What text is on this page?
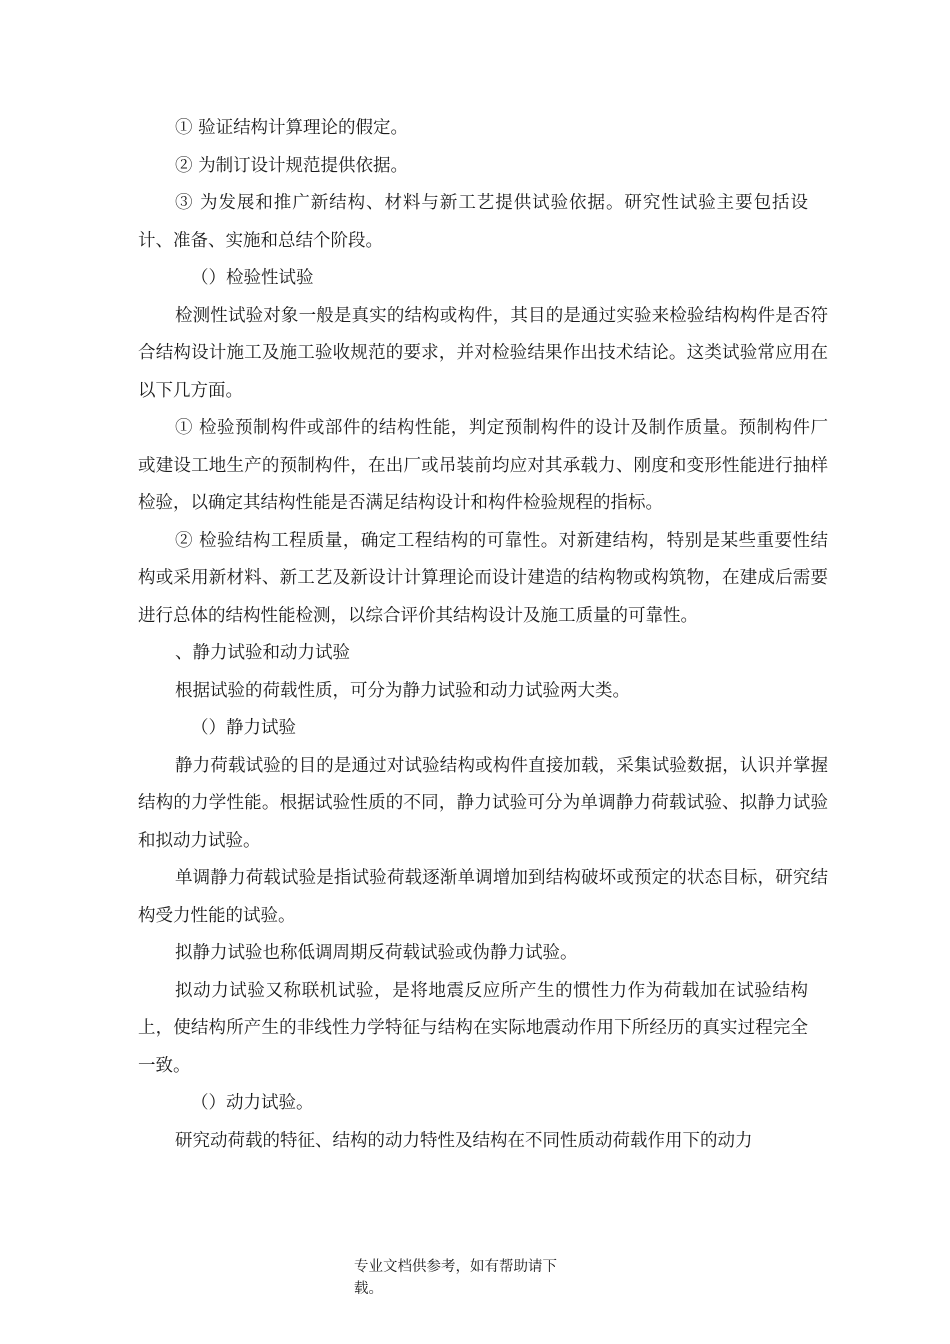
① 验证结构计算理论的假定。

② 为制订设计规范提供依据。

③ 为发展和推广新结构、材料与新工艺提供试验依据。研究性试验主要包括设计、准备、实施和总结个阶段。

（）检验性试验

检测性试验对象一般是真实的结构或构件，其目的是通过实验来检验结构构件是否符合结构设计施工及施工验收规范的要求，并对检验结果作出技术结论。这类试验常应用在以下几方面。

① 检验预制构件或部件的结构性能，判定预制构件的设计及制作质量。预制构件厂或建设工地生产的预制构件，在出厂或吊装前均应对其承载力、刚度和变形性能进行抽样检验，以确定其结构性能是否满足结构设计和构件检验规程的指标。

② 检验结构工程质量，确定工程结构的可靠性。对新建结构，特别是某些重要性结构或采用新材料、新工艺及新设计计算理论而设计建造的结构物或构筑物，在建成后需要进行总体的结构性能检测，以综合评价其结构设计及施工质量的可靠性。

、静力试验和动力试验

根据试验的荷载性质，可分为静力试验和动力试验两大类。

（）静力试验

静力荷载试验的目的是通过对试验结构或构件直接加载，采集试验数据，认识并掌握结构的力学性能。根据试验性质的不同，静力试验可分为单调静力荷载试验、拟静力试验和拟动力试验。

单调静力荷载试验是指试验荷载逐渐单调增加到结构破坏或预定的状态目标，研究结构受力性能的试验。

拟静力试验也称低调周期反荷载试验或伪静力试验。

拟动力试验又称联机试验，是将地震反应所产生的惯性力作为荷载加在试验结构上，使结构所产生的非线性力学特征与结构在实际地震动作用下所经历的真实过程完全一致。

（）动力试验。

研究动荷载的特征、结构的动力特性及结构在不同性质动荷载作用下的动力

专业文档供参考，如有帮助请下
载。
